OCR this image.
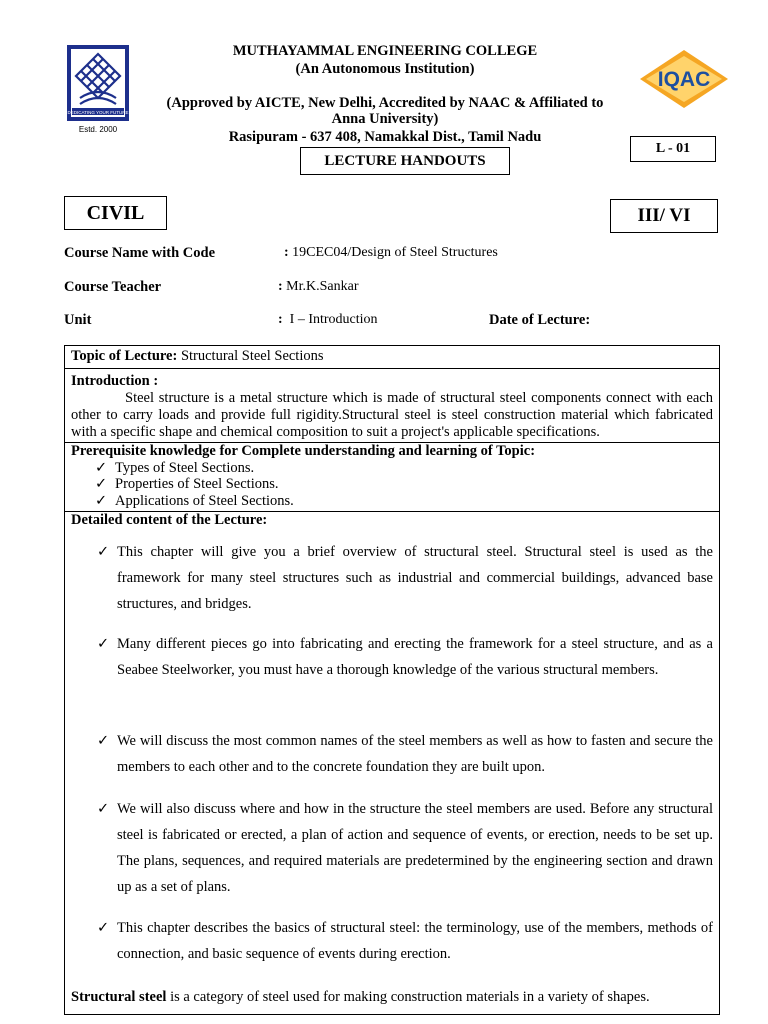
DEDICATING YOUR FUTURE
Estd. 2000
IQAC
MUTHAYAMMAL ENGINEERING COLLEGE
(An Autonomous Institution)
(Approved by AICTE, New Delhi, Accredited by NAAC & Affiliated to Anna University)
Rasipuram - 637 408, Namakkal Dist., Tamil Nadu
LECTURE HANDOUTS
L - 01
CIVIL	III/ VI
Course Name with Code	: 19CEC04/Design of Steel Structures
Course Teacher	: Mr.K.Sankar
Unit	: I – Introduction	Date of Lecture:
Topic of Lecture: Structural Steel Sections
Introduction :
Steel structure is a metal structure which is made of structural steel components connect with each other to carry loads and provide full rigidity.Structural steel is steel construction material which fabricated with a specific shape and chemical composition to suit a project's applicable specifications.
Prerequisite knowledge for Complete understanding and learning of Topic:
✓ Types of Steel Sections.
✓ Properties of Steel Sections.
✓ Applications of Steel Sections.
Detailed content of the Lecture:
✓ This chapter will give you a brief overview of structural steel. Structural steel is used as the framework for many steel structures such as industrial and commercial buildings, advanced base structures, and bridges.
✓ Many different pieces go into fabricating and erecting the framework for a steel structure, and as a Seabee Steelworker, you must have a thorough knowledge of the various structural members.
✓ We will discuss the most common names of the steel members as well as how to fasten and secure the members to each other and to the concrete foundation they are built upon.
✓ We will also discuss where and how in the structure the steel members are used. Before any structural steel is fabricated or erected, a plan of action and sequence of events, or erection, needs to be set up. The plans, sequences, and required materials are predetermined by the engineering section and drawn up as a set of plans.
✓ This chapter describes the basics of structural steel: the terminology, use of the members, methods of connection, and basic sequence of events during erection.
Structural steel is a category of steel used for making construction materials in a variety of shapes.
